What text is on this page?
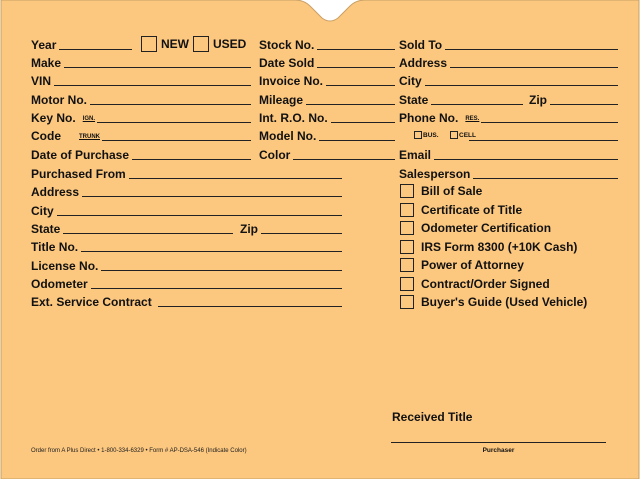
Year	NEW USED
Make
VIN
Motor No.
Key No.	IGN.
Code	TRUNK
Date of Purchase
Stock No.
Date Sold
Invoice No.
Mileage
Int. R.O. No.
Model No.
Color
Sold To
Address
City
State	Zip
Phone No.	RES.
BUS.	CELL
Email
Salesperson
Purchased From
Address
City
State	Zip
Title No.
License No.
Odometer
Ext. Service Contract
Bill of Sale
Certificate of Title
Odometer Certification
IRS Form 8300 (+10K Cash)
Power of Attorney
Contract/Order Signed
Buyer's Guide (Used Vehicle)
Received Title
Purchaser
Order from A Plus Direct • 1-800-334-6329 • Form # AP-DSA-546 (Indicate Color)
